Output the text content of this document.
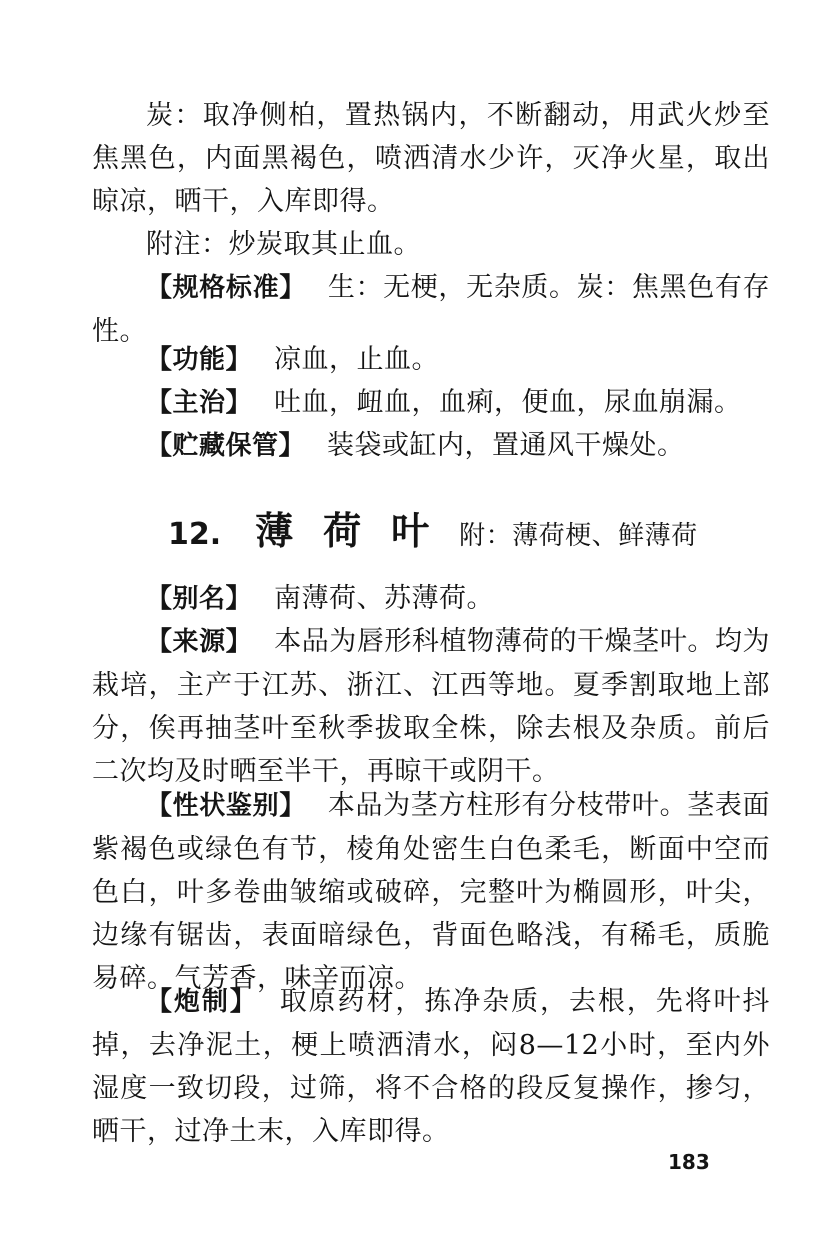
炭：取净侧柏，置热锅内，不断翻动，用武火炒至焦黑色，内面黑褐色，喷洒清水少许，灭净火星，取出晾凉，晒干，入库即得。

附注：炒炭取其止血。

【规格标准】 生：无梗，无杂质。炭：焦黑色有存性。

【功能】 凉血，止血。

【主治】 吐血，衄血，血痢，便血，尿血崩漏。

【贮藏保管】 装袋或缸内，置通风干燥处。

12. 薄荷叶附：薄荷梗、鲜薄荷

【别名】 南薄荷、苏薄荷。

【来源】 本品为唇形科植物薄荷的干燥茎叶。均为栽培，主产于江苏、浙江、江西等地。夏季割取地上部分，俟再抽茎叶至秋季拔取全株，除去根及杂质。前后二次均及时晒至半干，再晾干或阴干。

【性状鉴别】 本品为茎方柱形有分枝带叶。茎表面紫褐色或绿色有节，棱角处密生白色柔毛，断面中空而色白，叶多卷曲皱缩或破碎，完整叶为椭圆形，叶尖，边缘有锯齿，表面暗绿色，背面色略浅，有稀毛，质脆易碎。气芳香，味辛而凉。

【炮制】 取原药材，拣净杂质，去根，先将叶抖掉，去净泥土，梗上喷洒清水，闷8—12小时，至内外湿度一致切段，过筛，将不合格的段反复操作，掺匀，晒干，过净土末，入库即得。

183
